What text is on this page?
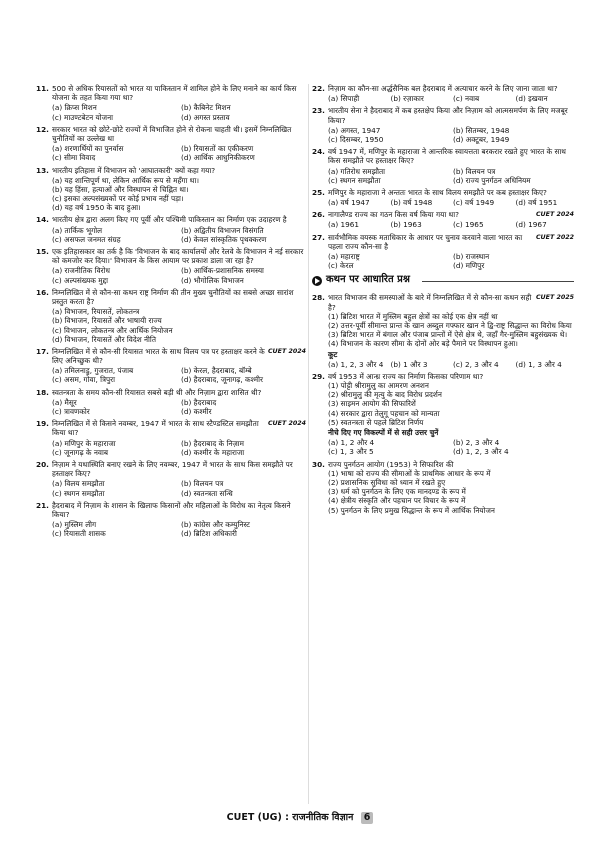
11. 500 से अधिक रियासतों को भारत या पाकिस्तान में शामिल होने के लिए मनाने का कार्य किस योजना के तहत किया गया था?
(a) क्रिप्स मिशन	(b) कैबिनेट मिशन
(c) माउण्टबेटन योजना	(d) अगस्त प्रस्ताव
12. सरकार भारत को छोटे-छोटे राज्यों में विभाजित होने से रोकना चाहती थी। इसमें निम्नलिखित चुनौतियों का उल्लेख था
(a) शरणार्थियों का पुनर्वास	(b) रियासतों का एकीकरण
(c) सीमा विवाद	(d) आर्थिक आधुनिकीकरण
13. भारतीय इतिहास में विभाजन को 'आघातकारी' क्यों कहा गया?
(a) यह शान्तिपूर्ण था, लेकिन आर्थिक रूप से महँगा था।
(b) यह हिंसा, हत्याओं और विस्थापन से चिह्नित था।
(c) इसका अल्पसंख्यकों पर कोई प्रभाव नहीं पड़ा।
(d) यह वर्ष 1950 के बाद हुआ।
14. भारतीय क्षेत्र द्वारा अलग किए गए पूर्वी और पश्चिमी पाकिस्तान का निर्माण एक उदाहरण है
(a) तार्किक भूगोल	(b) अद्वितीय विभाजन विसंगति
(c) असफल जनमत संग्रह	(d) केवल सांस्कृतिक पृथक्करण
15. एक इतिहासकार का तर्क है कि 'विभाजन के बाद कार्यालयों और रेलवे के विभाजन ने नई सरकार को कमजोर कर दिया।' विभाजन के किस आयाम पर प्रकाश डाला जा रहा है?
(a) राजनीतिक विरोध	(b) आर्थिक-प्रशासनिक समस्या
(c) अल्पसंख्यक मुद्दा	(d) भौगोलिक विभाजन
16. निम्नलिखित में से कौन-सा कथन राष्ट्र निर्माण की तीन मुख्य चुनौतियों का सबसे अच्छा सारांश प्रस्तुत करता है?
(a) विभाजन, रियासतें, लोकतन्त्र
(b) विभाजन, रियासतें और भाषायी राज्य
(c) विभाजन, लोकतन्त्र और आर्थिक नियोजन
(d) विभाजन, रियासतें और विदेश नीति
17.	CUET 2024
निम्नलिखित में से कौन-सी रियासत भारत के साथ विलय पत्र पर हस्ताक्षर करने के लिए अनिच्छुक थी?
(a) तमिलनाडु, गुजरात, पंजाब	(b) केरल, हैदराबाद, बॉम्बे
(c) असम, गोवा, त्रिपुरा	(d) हैदराबाद, जूनागढ़, कश्मीर
18. स्वतन्त्रता के समय कौन-सी रियासत सबसे बड़ी थी और निज़ाम द्वारा शासित थी?
(a) मैसूर	(b) हैदराबाद
(c) त्रावणकोर	(d) कश्मीर
19.	CUET 2024
निम्नलिखित में से किसने नवम्बर, 1947 में भारत के साथ स्टैण्डस्टिल समझौता किया था?
(a) मणिपुर के महाराजा	(b) हैदराबाद के निज़ाम
(c) जूनागढ़ के नवाब	(d) कश्मीर के महाराजा
20. निज़ाम ने यथास्थिति बनाए रखने के लिए नवम्बर, 1947 में भारत के साथ किस समझौते पर हस्ताक्षर किए?
(a) विलय समझौता	(b) विलयन पत्र
(c) स्थगन समझौता	(d) स्वतन्त्रता सन्धि
21. हैदराबाद में निज़ाम के शासन के खिलाफ किसानों और महिलाओं के विरोध का नेतृत्व किसने किया?
(a) मुस्लिम लीग	(b) कांग्रेस और कम्युनिस्ट
(c) रियासती शासक	(d) ब्रिटिश अधिकारी
22. निज़ाम का कौन-सा अर्द्धसैनिक बल हैदराबाद में अत्याचार करने के लिए जाना जाता था?
(a) सिपाही	(b) रज़ाकार	(c) नवाब	(d) इखवान
23. भारतीय सेना ने हैदराबाद में कब हस्तक्षेप किया और निज़ाम को आत्मसमर्पण के लिए मजबूर किया?
(a) अगस्त, 1947	(b) सितम्बर, 1948
(c) दिसम्बर, 1950	(d) अक्टूबर, 1949
24. वर्ष 1947 में, मणिपुर के महाराजा ने आन्तरिक स्वायत्तता बरकरार रखते हुए भारत के साथ किस समझौते पर हस्ताक्षर किए?
(a) गतिरोध समझौता	(b) विलयन पत्र
(c) स्थगन समझौता	(d) राज्य पुनर्गठन अधिनियम
25. मणिपुर के महाराजा ने अन्ततः भारत के साथ विलय समझौते पर कब हस्ताक्षर किए?
(a) वर्ष 1947	(b) वर्ष 1948	(c) वर्ष 1949	(d) वर्ष 1951
26.	CUET 2024
नागालैण्ड राज्य का गठन किस वर्ष किया गया था?
(a) 1961	(b) 1963	(c) 1965	(d) 1967
27.	CUET 2022
सार्वभौमिक वयस्क मताधिकार के आधार पर चुनाव करवाने वाला भारत का पहला राज्य कौन-सा है
(a) महाराष्ट्र	(b) राजस्थान
(c) केरल	(d) मणिपुर
कथन पर आधारित प्रश्न
28.	CUET 2025
भारत विभाजन की समस्याओं के बारे में निम्नलिखित में से कौन-सा कथन सही है?
(1) ब्रिटिश भारत में मुस्लिम बहुल क्षेत्रों का कोई एक क्षेत्र नहीं था
(2) उत्तर-पूर्वी सीमान्त प्रान्त के खान अब्दुल गफ्फार खान ने द्वि-राष्ट्र सिद्धान्त का विरोध किया
(3) ब्रिटिश भारत में बंगाल और पंजाब प्रान्तों में ऐसे क्षेत्र थे, जहाँ गैर-मुस्लिम बहुसंख्यक थे।
(4) विभाजन के कारण सीमा के दोनों ओर बड़े पैमाने पर विस्थापन हुआ।
कूट
(a) 1, 2, 3 और 4 (b) 1 और 3	(c) 2, 3 और 4	(d) 1, 3 और 4
29. वर्ष 1953 में आन्ध्र राज्य का निर्माण किसका परिणाम था?
(1) पोट्टी श्रीरामुलु का आमरण अनशन
(2) श्रीरामुलु की मृत्यु के बाद विरोध प्रदर्शन
(3) साइमन आयोग की सिफारिशें
(4) सरकार द्वारा तेलुगू पहचान को मान्यता
(5) स्वतन्त्रता से पहले ब्रिटिश निर्णय
नीचे दिए गए विकल्पों में से सही उत्तर चुनें
(a) 1, 2 और 4	(b) 2, 3 और 4
(c) 1, 3 और 5	(d) 1, 2, 3 और 4
30. राज्य पुनर्गठन आयोग (1953) ने सिफारिश की
(1) भाषा को राज्य की सीमाओं के प्राथमिक आधार के रूप में
(2) प्रशासनिक सुविधा को ध्यान में रखते हुए
(3) धर्म को पुनर्गठन के लिए एक मानदण्ड के रूप में
(4) क्षेत्रीय संस्कृति और पहचान पर विचार के रूप में
(5) पुनर्गठन के लिए प्रमुख सिद्धान्त के रूप में आर्थिक नियोजन
CUET (UG) : राजनीतिक विज्ञान 6
